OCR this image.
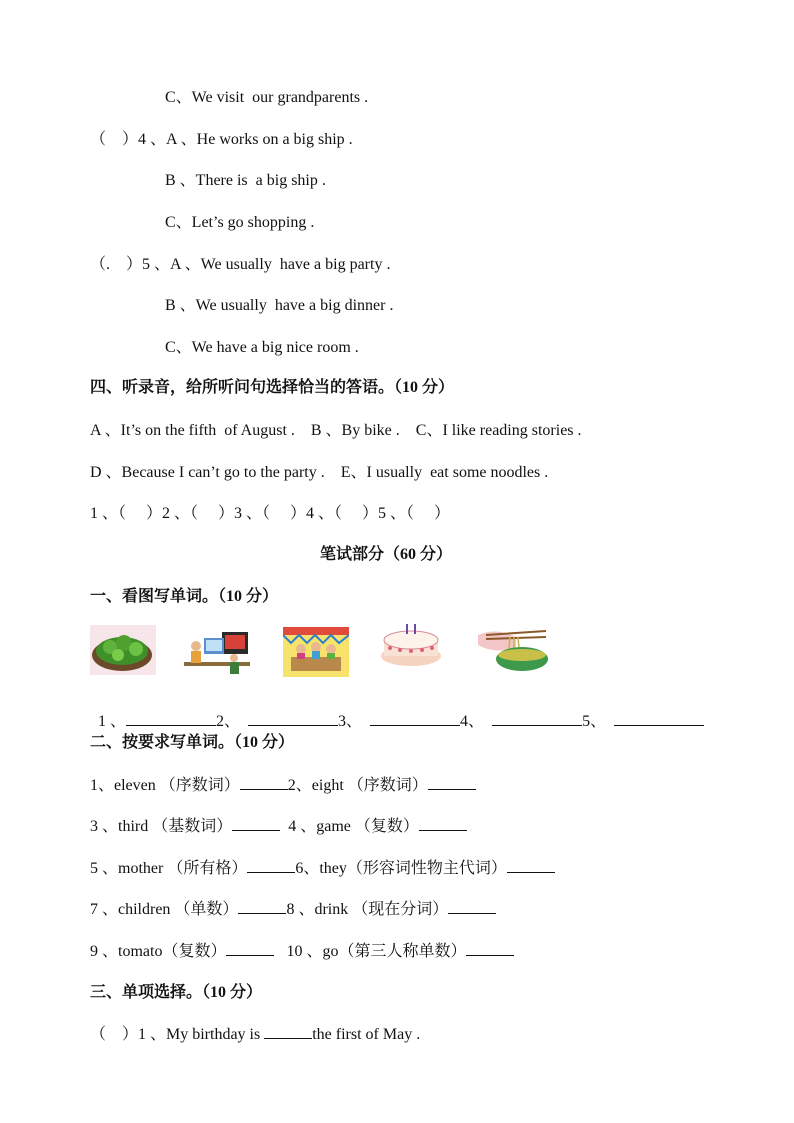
C、We visit  our grandparents .
（    ）4 、A 、He works on a big ship .
B 、There is  a big ship .
C、Let’s go shopping .
（.    ）5 、A 、We usually  have a big party .
B 、We usually  have a big dinner .
C、We have a big nice room .
四、听录音，给所听问句选择恰当的答语。（10 分）
A 、It’s on the fifth  of August .    B 、By bike .    C、I like reading stories .
D 、Because I can’t go to the party .    E、I usually  eat some noodles .
1 、（     ）2 、（     ）3 、（     ）4 、（     ）5 、（     ）
笔试部分（60 分）
一、看图写单词。（10 分）

1 、	2、	3、	4、	5、

二、按要求写单词。（10 分）
1、eleven （序数词）	2、eight （序数词）
3 、third （基数词）	4 、game （复数）
5 、mother （所有格）	6、they（形容词性物主代词）
7 、children （单数）	8 、drink （现在分词）
9 、tomato（复数）	10 、go（第三人称单数）
三、单项选择。（10 分）
（    ）1 、My birthday is	the first of May .
